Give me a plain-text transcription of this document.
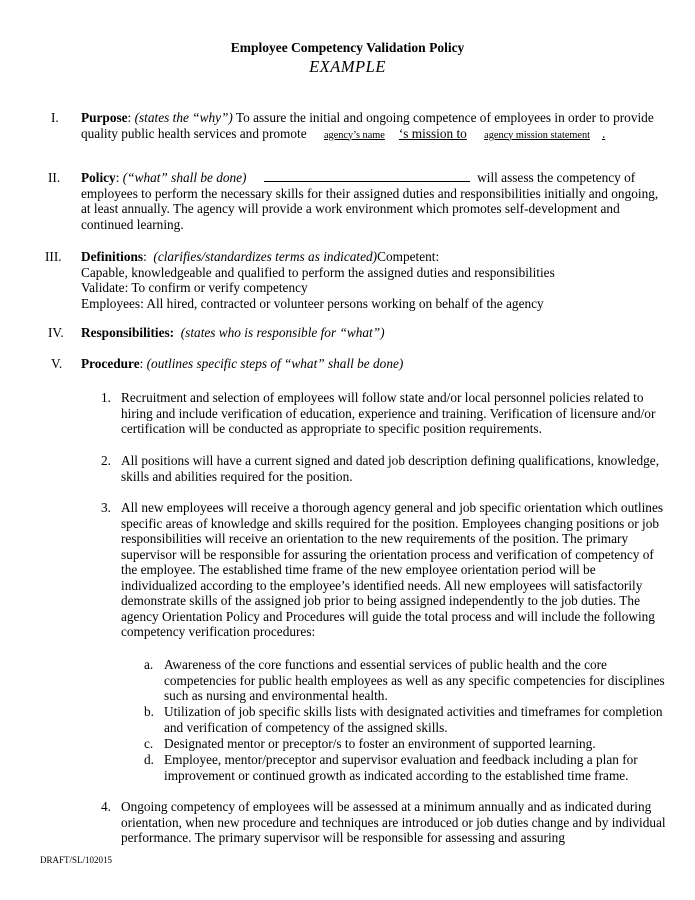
Employee Competency Validation Policy
EXAMPLE
I. Purpose: (states the “why”) To assure the initial and ongoing competence of employees in order to provide quality public health services and promote agency’s name ‘s mission to agency mission statement .
II. Policy: (“what” shall be done)	will assess the competency of employees to perform the necessary skills for their assigned duties and responsibilities initially and ongoing, at least annually. The agency will provide a work environment which promotes self-development and continued learning.
III. Definitions:  (clarifies/standardizes terms as indicated)Competent:
Capable, knowledgeable and qualified to perform the assigned duties and responsibilities
Validate: To confirm or verify competency
Employees: All hired, contracted or volunteer persons working on behalf of the agency
IV. Responsibilities: (states who is responsible for “what”)
V. Procedure: (outlines specific steps of “what” shall be done)
1. Recruitment and selection of employees will follow state and/or local personnel policies related to hiring and include verification of education, experience and training. Verification of licensure and/or certification will be conducted as appropriate to specific position requirements.
2. All positions will have a current signed and dated job description defining qualifications, knowledge, skills and abilities required for the position.
3. All new employees will receive a thorough agency general and job specific orientation which outlines specific areas of knowledge and skills required for the position. Employees changing positions or job responsibilities will receive an orientation to the new requirements of the position. The primary supervisor will be responsible for assuring the orientation process and verification of competency of the employee. The established time frame of the new employee orientation period will be individualized according to the employee’s identified needs. All new employees will satisfactorily demonstrate skills of the assigned job prior to being assigned independently to the job duties. The agency Orientation Policy and Procedures will guide the total process and will include the following competency verification procedures:
a. Awareness of the core functions and essential services of public health and the core competencies for public health employees as well as any specific competencies for disciplines such as nursing and environmental health.
b. Utilization of job specific skills lists with designated activities and timeframes for completion and verification of competency of the assigned skills.
c. Designated mentor or preceptor/s to foster an environment of supported learning.
d. Employee, mentor/preceptor and supervisor evaluation and feedback including a plan for improvement or continued growth as indicated according to the established time frame.
4. Ongoing competency of employees will be assessed at a minimum annually and as indicated during orientation, when new procedure and techniques are introduced or job duties change and by individual performance. The primary supervisor will be responsible for assessing and assuring
DRAFT/SL/102015
